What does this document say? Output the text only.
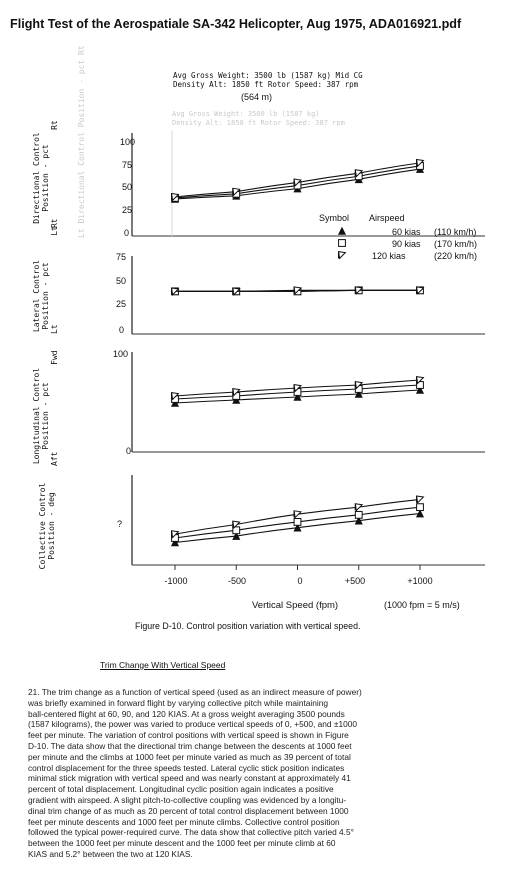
Flight Test of the Aerospatiale SA-342 Helicopter, Aug 1975, ADA016921.pdf
Avg Gross Weight: 3500 lb (1587 kg) Mid CG
Density Alt: 1850 ft Rotor Speed: 387 rpm
(564 m)
Avg Gross Weight: 3500 lb (1587 kg)
Density Alt: 1850 ft Rotor Speed: 387 rpm
Lt Directional Control Position - pct Rt
Directional Control Position - pct Lt                    Rt
Lateral Control Position - pct Lt                    Rt
Longitudinal Control Position - pct Aft                  Fwd
Collective Control Position - deg
100
75
50
25
0
75
50
25
0
100
0
?
Symbol Airspeed
60 kias (110 km/h)
90 kias (170 km/h)
120 kias	(220 km/h)
-1000	-500	0	+500	+1000
Vertical Speed (fpm)	(1000 fpm = 5 m/s)
Figure D-10. Control position variation with vertical speed.
Trim Change With Vertical Speed

21. The trim change as a function of vertical speed (used as an indirect measure of power)

was briefly examined in forward flight by varying collective pitch while maintaining

ball-centered flight at 60, 90, and 120 KIAS. At a gross weight averaging 3500 pounds

(1587 kilograms), the power was varied to produce vertical speeds of 0, +500, and ±1000

feet per minute. The variation of control positions with vertical speed is shown in Figure

D-10. The data show that the directional trim change between the descents at 1000 feet

per minute and the climbs at 1000 feet per minute varied as much as 39 percent of total

control displacement for the three speeds tested. Lateral cyclic stick position indicates

minimal stick migration with vertical speed and was nearly constant at approximately 41

percent of total displacement. Longitudinal cyclic position again indicates a positive

gradient with airspeed. A slight pitch-to-collective coupling was evidenced by a longitu-

dinal trim change of as much as 20 percent of total control displacement between 1000

feet per minute descents and 1000 feet per minute climbs. Collective control position

followed the typical power-required curve. The data show that collective pitch varied 4.5°

between the 1000 feet per minute descent and the 1000 feet per minute climb at 60

KIAS and 5.2° between the two at 120 KIAS.
